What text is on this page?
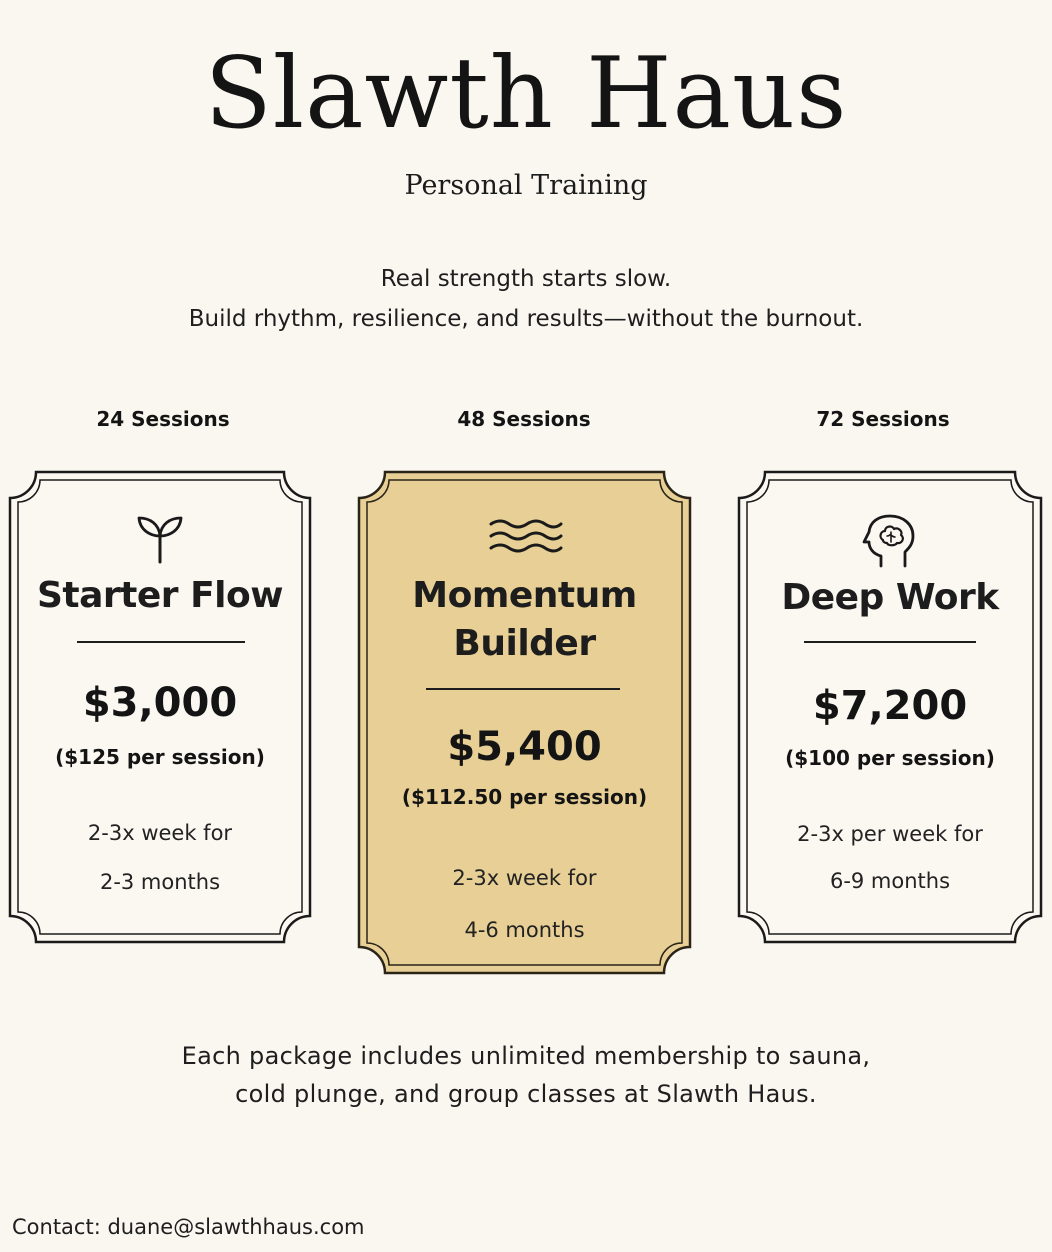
Slawth Haus
Personal Training
Real strength starts slow.
Build rhythm, resilience, and results—without the burnout.
24 Sessions	48 Sessions	72 Sessions
Starter Flow
$3,000
($125 per session)
2-3x week for
2-3 months
Momentum
Builder
$5,400
($112.50 per session)
2-3x week for
4-6 months
Deep Work
$7,200
($100 per session)
2-3x per week for
6-9 months
Each package includes unlimited membership to sauna,
cold plunge, and group classes at Slawth Haus.
Contact: duane@slawthhaus.com
